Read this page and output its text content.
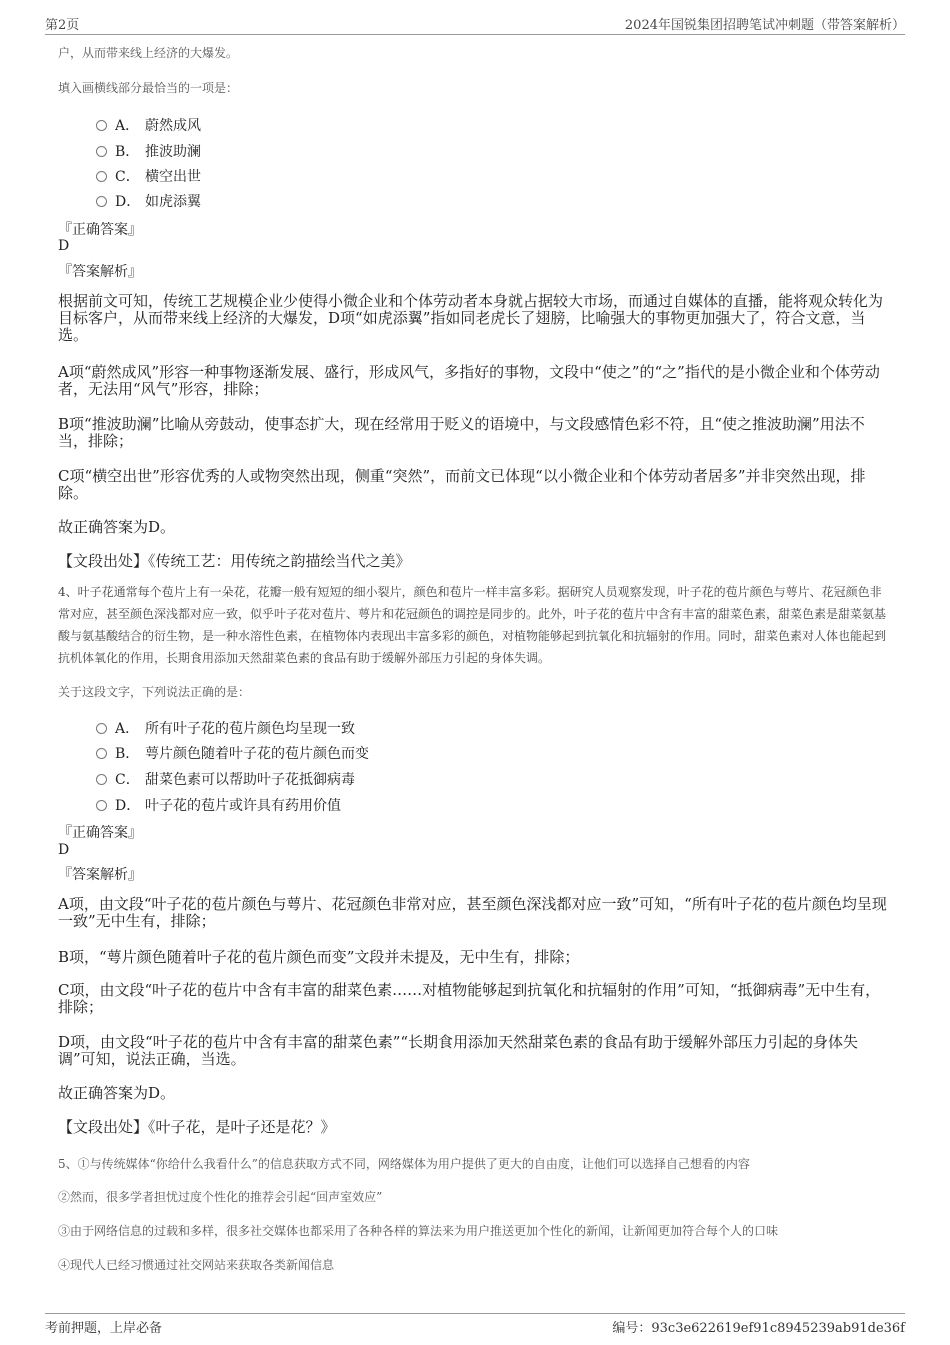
第2页	2024年国锐集团招聘笔试冲刺题（带答案解析）
户，从而带来线上经济的大爆发。
填入画横线部分最恰当的一项是：
A． 蔚然成风
B． 推波助澜
C． 横空出世
D． 如虎添翼
『正确答案』
D
『答案解析』
根据前文可知，传统工艺规模企业少使得小微企业和个体劳动者本身就占据较大市场，而通过自媒体的直播，能将观众转化为目标客户，从而带来线上经济的大爆发，D项“如虎添翼”指如同老虎长了翅膀，比喻强大的事物更加强大了，符合文意，当选。
A项“蔚然成风”形容一种事物逐渐发展、盛行，形成风气，多指好的事物，文段中“使之”的“之”指代的是小微企业和个体劳动者，无法用“风气”形容，排除；
B项“推波助澜”比喻从旁鼓动，使事态扩大，现在经常用于贬义的语境中，与文段感情色彩不符，且“使之推波助澜”用法不当，排除；
C项“横空出世”形容优秀的人或物突然出现，侧重“突然”，而前文已体现“以小微企业和个体劳动者居多”并非突然出现，排除。
故正确答案为D。
【文段出处】《传统工艺：用传统之韵描绘当代之美》
4、叶子花通常每个苞片上有一朵花，花瓣一般有短短的细小裂片，颜色和苞片一样丰富多彩。据研究人员观察发现，叶子花的苞片颜色与萼片、花冠颜色非常对应，甚至颜色深浅都对应一致，似乎叶子花对苞片、萼片和花冠颜色的调控是同步的。此外，叶子花的苞片中含有丰富的甜菜色素，甜菜色素是甜菜氨基酸与氨基酸结合的衍生物，是一种水溶性色素，在植物体内表现出丰富多彩的颜色，对植物能够起到抗氧化和抗辐射的作用。同时，甜菜色素对人体也能起到抗机体氧化的作用，长期食用添加天然甜菜色素的食品有助于缓解外部压力引起的身体失调。
关于这段文字，下列说法正确的是：
A． 所有叶子花的苞片颜色均呈现一致
B． 萼片颜色随着叶子花的苞片颜色而变
C． 甜菜色素可以帮助叶子花抵御病毒
D． 叶子花的苞片或许具有药用价值
『正确答案』
D
『答案解析』
A项，由文段“叶子花的苞片颜色与萼片、花冠颜色非常对应，甚至颜色深浅都对应一致”可知，“所有叶子花的苞片颜色均呈现一致”无中生有，排除；
B项，“萼片颜色随着叶子花的苞片颜色而变”文段并未提及，无中生有，排除；
C项，由文段“叶子花的苞片中含有丰富的甜菜色素……对植物能够起到抗氧化和抗辐射的作用”可知，“抵御病毒”无中生有，排除；
D项，由文段“叶子花的苞片中含有丰富的甜菜色素”“长期食用添加天然甜菜色素的食品有助于缓解外部压力引起的身体失调”可知，说法正确，当选。
故正确答案为D。
【文段出处】《叶子花，是叶子还是花？》
5、①与传统媒体“你给什么我看什么”的信息获取方式不同，网络媒体为用户提供了更大的自由度，让他们可以选择自己想看的内容
②然而，很多学者担忧过度个性化的推荐会引起“回声室效应”
③由于网络信息的过载和多样，很多社交媒体也都采用了各种各样的算法来为用户推送更加个性化的新闻，让新闻更加符合每个人的口味
④现代人已经习惯通过社交网站来获取各类新闻信息
考前押题，上岸必备	编号：93c3e622619ef91c8945239ab91de36f
